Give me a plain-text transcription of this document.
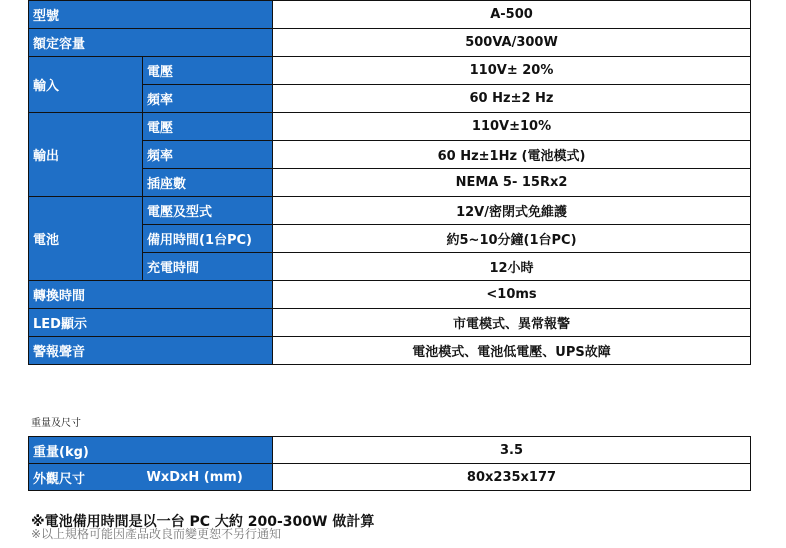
型號		A-500
額定容量		500VA/300W
輸入	電壓	110V± 20%
	頻率	60 Hz±2 Hz
輸出	電壓	110V±10%
	頻率	60 Hz±1Hz (電池模式)
	插座數	NEMA 5- 15Rx2
電池	電壓及型式	12V/密閉式免維護
	備用時間(1台PC)	約5~10分鐘(1台PC)
	充電時間	12小時
轉換時間		<10ms
LED顯示		市電模式、異常報警
警報聲音		電池模式、電池低電壓、UPS故障
重量及尺寸
重量(kg)		3.5
外觀尺寸	WxDxH (mm)	80x235x177
※電池備用時間是以一台 PC 大約 200-300W 做計算
※以上規格可能因產品改良而變更恕不另行通知
